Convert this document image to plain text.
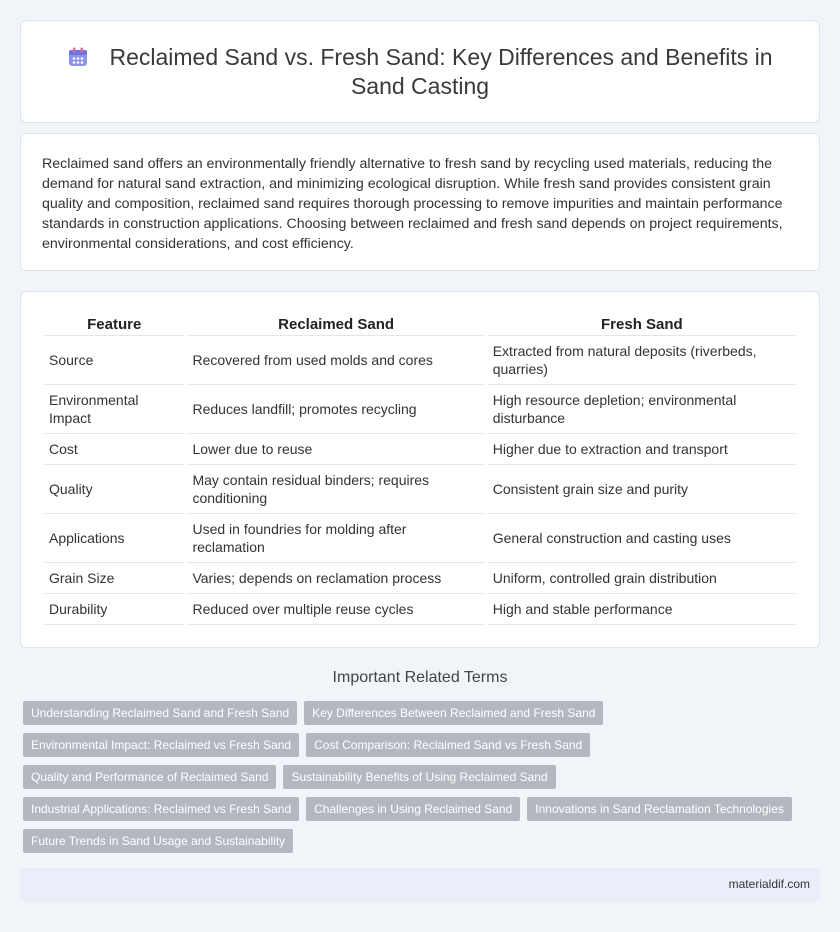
Reclaimed Sand vs. Fresh Sand: Key Differences and Benefits in Sand Casting

Reclaimed sand offers an environmentally friendly alternative to fresh sand by recycling used materials, reducing the demand for natural sand extraction, and minimizing ecological disruption. While fresh sand provides consistent grain quality and composition, reclaimed sand requires thorough processing to remove impurities and maintain performance standards in construction applications. Choosing between reclaimed and fresh sand depends on project requirements, environmental considerations, and cost efficiency.

Feature	Reclaimed Sand	Fresh Sand
Source	Recovered from used molds and cores	Extracted from natural deposits (riverbeds, quarries)
Environmental Impact	Reduces landfill; promotes recycling	High resource depletion; environmental disturbance
Cost	Lower due to reuse	Higher due to extraction and transport
Quality	May contain residual binders; requires conditioning	Consistent grain size and purity
Applications	Used in foundries for molding after reclamation	General construction and casting uses
Grain Size	Varies; depends on reclamation process	Uniform, controlled grain distribution
Durability	Reduced over multiple reuse cycles	High and stable performance
Important Related Terms
Understanding Reclaimed Sand and Fresh Sand	Key Differences Between Reclaimed and Fresh Sand
Environmental Impact: Reclaimed vs Fresh Sand	Cost Comparison: Reclaimed Sand vs Fresh Sand
Quality and Performance of Reclaimed Sand	Sustainability Benefits of Using Reclaimed Sand
Industrial Applications: Reclaimed vs Fresh Sand	Challenges in Using Reclaimed Sand	Innovations in Sand Reclamation Technologies
Future Trends in Sand Usage and Sustainability
materialdif.com
